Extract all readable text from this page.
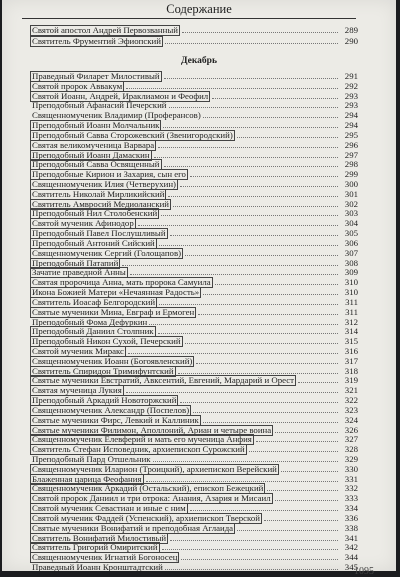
Содержание
Святой апостол Андрей Первозванный	289
Святитель Фрументий Эфиопский	290
Декабрь
Праведный Филарет Милостивый	291
Святой пророк Аввакум	292
Святой Иоанн, Андрей, Ираклиамон и Феофил	293
Преподобный Афанасий Печерский	293
Священномученик Владимир (Проферансов)	294
Преподобный Иоанн Молчальник	294
Преподобный Савва Сторожевский (Звенигородский)	295
Святая великомученица Варвара	296
Преподобный Иоанн Дамаскин	297
Преподобный Савва Освященный	298
Преподобные Кирион и Захария, сын его	299
Священномученик Илия (Четверухин)	300
Святитель Николай Мирликийский	301
Святитель Амвросий Медиоланский	302
Преподобный Нил Столобенский	303
Святой мученик Афинодор	304
Преподобный Павел Послушливый	305
Преподобный Антоний Сийский	306
Священномученик Сергий (Голощапов)	307
Преподобный Патапий	308
Зачатие праведной Анны	309
Святая пророчица Анна, мать пророка Самуила	310
Икона Божией Матери «Нечаянная Радость»	310
Святитель Иоасаф Белгородский	311
Святые мученики Мина, Евграф и Ермоген	311
Преподобный Фома Дефуркин	312
Преподобный Даниил Столпник	314
Преподобный Никон Сухой, Печерский	315
Святой мученик Миракс	316
Священномученик Иоанн (Богоявленский)	317
Святитель Спиридон Тримифунтский	318
Святые мученики Евстратий, Авксентий, Евгений, Мардарий и Орест	319
Святая мученица Лукия	321
Преподобный Аркадий Новоторжский	322
Священномученик Александр (Поспелов)	323
Святые мученики Фирс, Левкий и Каллиник	324
Святые мученики Филимон, Аполлоний, Ариан и четыре воина	326
Священномученик Елевферий и мать его мученица Анфия	327
Святитель Стефан Исповедник, архиепископ Сурожский	328
Преподобный Пард Отшельник	329
Священномученик Иларион (Троицкий), архиепископ Верейский	330
Блаженная царица Феофания	331
Священномученик Аркадий (Остальский), епископ Бежецкий	332
Святой пророк Даниил и три отрока: Анания, Азария и Мисаил	333
Святой мученик Севастиан и иные с ним	334
Святой мученик Фаддей (Успенский), архиепископ Тверской	336
Святые мученики Вонифатий и преподобная Аглаида	338
Святитель Вонифатий Милостивый	341
Святитель Григорий Омиритский	342
Священномученик Игнатий Богоносец	344
Праведный Иоанн Кронштадтский	345
1095
